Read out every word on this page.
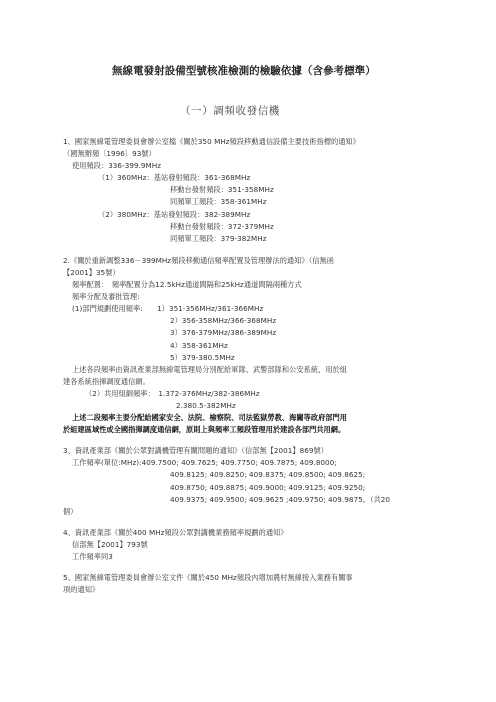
無線電發射設備型號核准檢測的檢驗依據（含參考標準）
（一）調頻收發信機
1、國家無線電管理委員會辦公室檔《關於350 MHz頻段移動通信設備主要技術指標的通知》
（國無辦頻〔1996〕93號）
使用頻段：336-399.9MHz
（1）360MHz：基站發射頻段：361-368MHz
移動台發射頻段：351-358MHz
同頻單工頻段：358-361MHz
（2）380MHz：基站發射頻段：382-389MHz
移動台發射頻段：372-379MHz
同頻單工頻段：379-382MHz
2.《關於重新調整336－399MHz頻段移動通信頻率配置及管理辦法的通知》（信無函
【2001】35號）
頻率配置：　頻率配置分為12.5kHz通道間隔和25kHz通道間隔兩種方式
頻率分配及審批管理:
(1)部門規劃使用頻率:　　1）351-356MHz/361-366MHz
2）356-358MHz/366-368MHz
3）376-379MHz/386-389MHz
4）358-361MHz
5）379-380.5MHz
上述各段頻率由資訊產業部無線電管理局分別配給軍隊、武警部隊和公安系統，用於組
建各系統指揮調度通信網。
（2）共用組網頻率：　1.372-376MHz/382-386MHz
2.380.5-382MHz
上述二段頻率主要分配給國家安全、法院、檢察院、司法監獄勞教、海關等政府部門用
於組建區域性或全國指揮調度通信網，原則上與頻率工頻段管理用於建設各部門共用網。
3、資訊產業部《關於公眾對講機管理有關問題的通知》（信部無【2001】869號）
工作頻率(單位:MHz):409.7500; 409.7625; 409.7750; 409.7875; 409.8000;
409.8125; 409.8250; 409.8375; 409.8500; 409.8625;
409.8750; 409.8875; 409.9000; 409.9125; 409.9250;
409.9375; 409.9500; 409.9625 ;409.9750; 409.9875。（共20
個）
4、資訊產業部《關於400 MHz頻段公眾對講機業務頻率規劃的通知》
信部無【2001】793號
工作頻率同3
5、國家無線電管理委員會辦公室文件《關於450 MHz頻段內增加農村無線接入業務有關事
項的通知》
